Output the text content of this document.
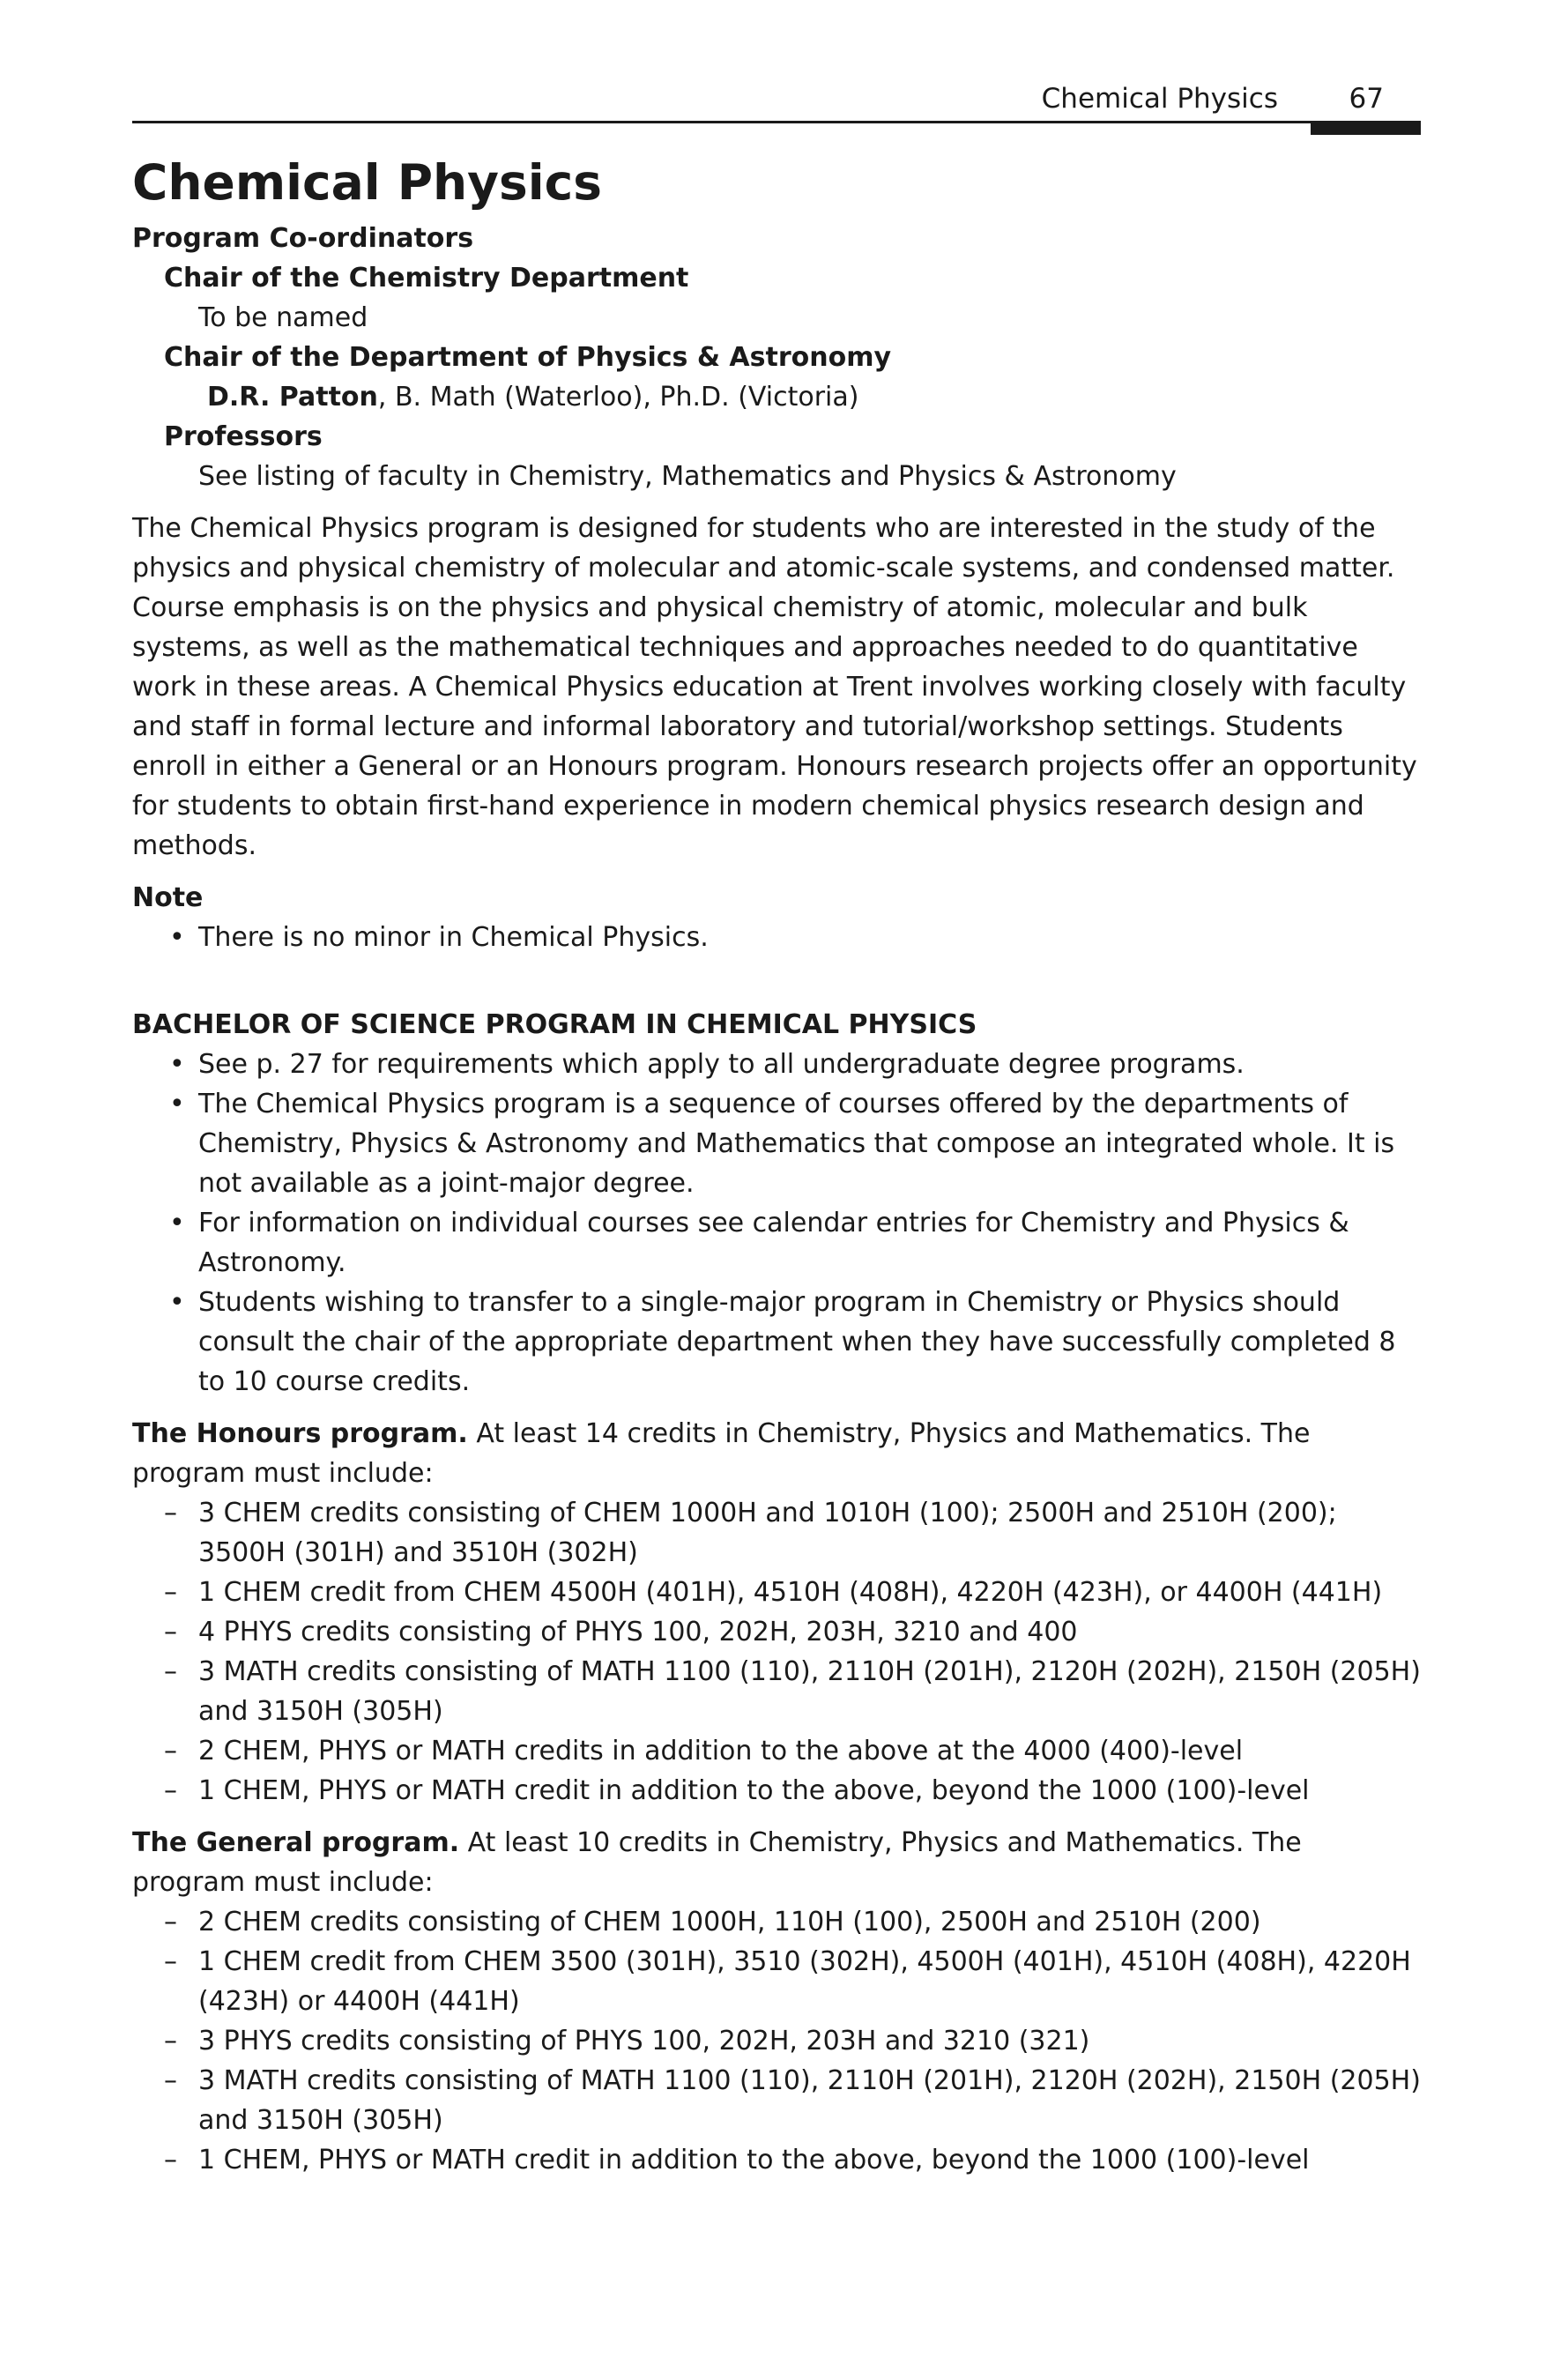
Chemical Physics	67
Chemical Physics
Program Co-ordinators
Chair of the Chemistry Department
To be named
Chair of the Department of Physics & Astronomy
D.R. Patton, B. Math (Waterloo), Ph.D. (Victoria)
Professors
See listing of faculty in Chemistry, Mathematics and Physics & Astronomy

The Chemical Physics program is designed for students who are interested in the study of the physics and physical chemistry of molecular and atomic-scale systems, and condensed matter. Course emphasis is on the physics and physical chemistry of atomic, molecular and bulk systems, as well as the mathematical techniques and approaches needed to do quantitative work in these areas. A Chemical Physics education at Trent involves working closely with faculty and staff in formal lecture and informal laboratory and tutorial/workshop settings. Students enroll in either a General or an Honours program. Honours research projects offer an opportunity for students to obtain first-hand experience in modern chemical physics research design and methods.

Note
• There is no minor in Chemical Physics.
BACHELOR OF SCIENCE PROGRAM IN CHEMICAL PHYSICS
• See p. 27 for requirements which apply to all undergraduate degree programs.
• The Chemical Physics program is a sequence of courses offered by the departments of Chemistry, Physics & Astronomy and Mathematics that compose an integrated whole. It is not available as a joint-major degree.
• For information on individual courses see calendar entries for Chemistry and Physics & Astronomy.
• Students wishing to transfer to a single-major program in Chemistry or Physics should consult the chair of the appropriate department when they have successfully completed 8 to 10 course credits.

The Honours program. At least 14 credits in Chemistry, Physics and Mathematics. The program must include:

– 3 CHEM credits consisting of CHEM 1000H and 1010H (100); 2500H and 2510H (200); 3500H (301H) and 3510H (302H)
– 1 CHEM credit from CHEM 4500H (401H), 4510H (408H), 4220H (423H), or 4400H (441H)
– 4 PHYS credits consisting of PHYS 100, 202H, 203H, 3210 and 400
– 3 MATH credits consisting of MATH 1100 (110), 2110H (201H), 2120H (202H), 2150H (205H) and 3150H (305H)
– 2 CHEM, PHYS or MATH credits in addition to the above at the 4000 (400)-level
– 1 CHEM, PHYS or MATH credit in addition to the above, beyond the 1000 (100)-level

The General program. At least 10 credits in Chemistry, Physics and Mathematics. The program must include:

– 2 CHEM credits consisting of CHEM 1000H, 110H (100), 2500H and 2510H (200)
– 1 CHEM credit from CHEM 3500 (301H), 3510 (302H), 4500H (401H), 4510H (408H), 4220H (423H) or 4400H (441H)
– 3 PHYS credits consisting of PHYS 100, 202H, 203H and 3210 (321)
– 3 MATH credits consisting of MATH 1100 (110), 2110H (201H), 2120H (202H), 2150H (205H) and 3150H (305H)
– 1 CHEM, PHYS or MATH credit in addition to the above, beyond the 1000 (100)-level
